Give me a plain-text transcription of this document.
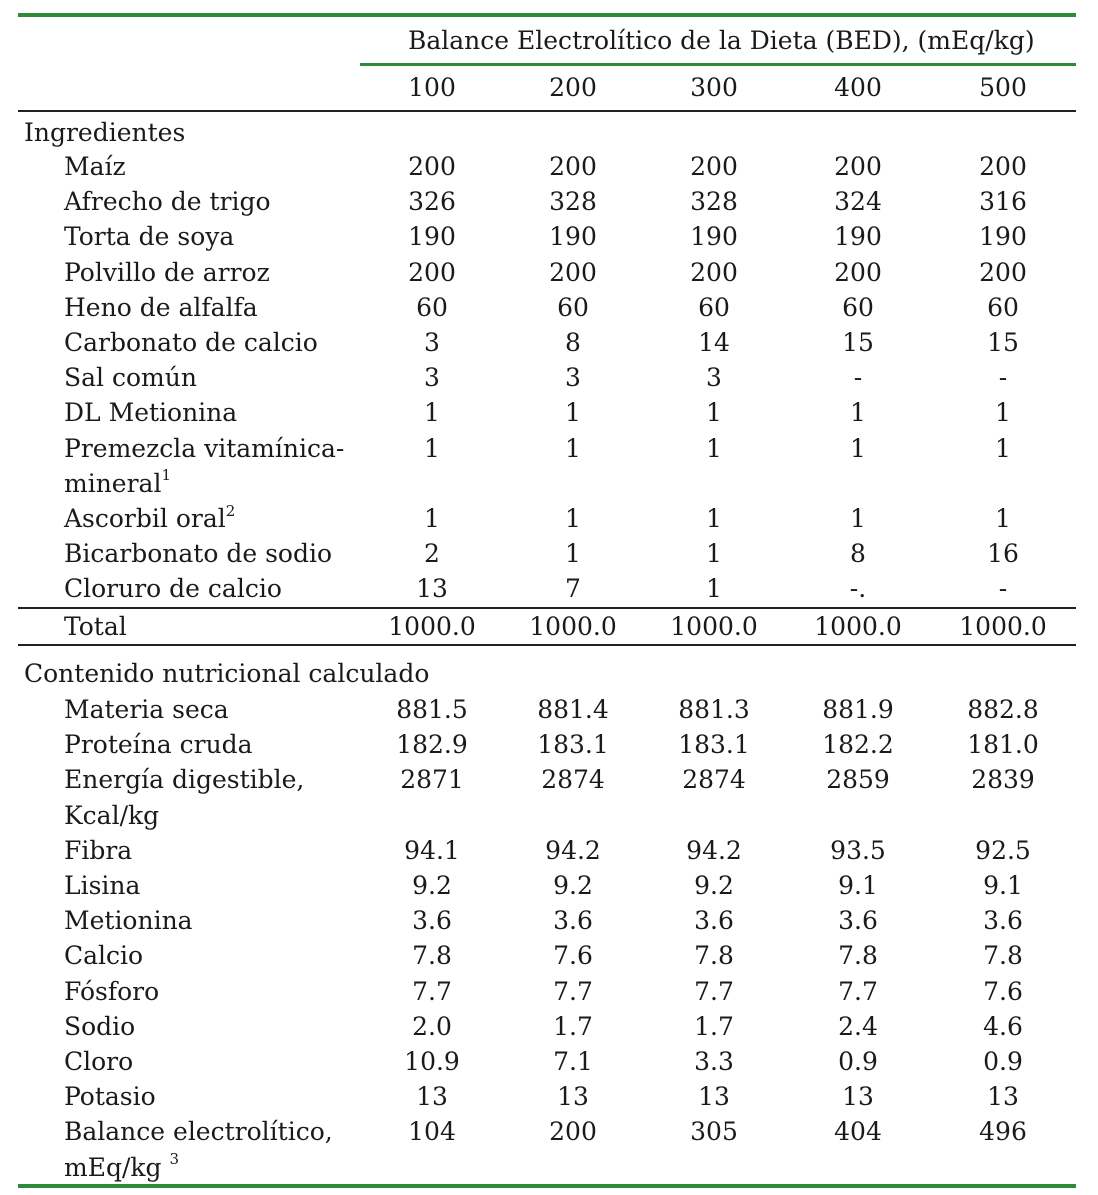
Balance Electrolítico de la Dieta (BED), (mEq/kg)
100	200	300	400	500
Ingredientes
Maíz	200	200	200	200	200
Afrecho de trigo	326	328	328	324	316
Torta de soya	190	190	190	190	190
Polvillo de arroz	200	200	200	200	200
Heno de alfalfa	60	60	60	60	60
Carbonato de calcio	3	8	14	15	15
Sal común	3	3	3	-	-
DL Metionina	1	1	1	1	1
Premezcla vitamínica-	1	1	1	1	1
mineral$^1$
Ascorbil oral$^2$	1	1	1	1	1
Bicarbonato de sodio	2	1	1	8	16
Cloruro de calcio	13	7	1	-.	-
Total	1000.0 1000.0 1000.0 1000.0 1000.0
Contenido nutricional calculado
Materia seca	881.5	881.4	881.3	881.9	882.8
Proteína cruda	182.9	183.1	183.1	182.2	181.0
Energía digestible,	2871	2874	2874	2859	2839
Kcal/kg
Fibra	94.1	94.2	94.2	93.5	92.5
Lisina	9.2	9.2	9.2	9.1	9.1
Metionina	3.6	3.6	3.6	3.6	3.6
Calcio	7.8	7.6	7.8	7.8	7.8
Fósforo	7.7	7.7	7.7	7.7	7.6
Sodio	2.0	1.7	1.7	2.4	4.6
Cloro	10.9	7.1	3.3	0.9	0.9
Potasio	13	13	13	13	13
Balance electrolítico,	104	200	305	404	496
mEq/kg $^3$
